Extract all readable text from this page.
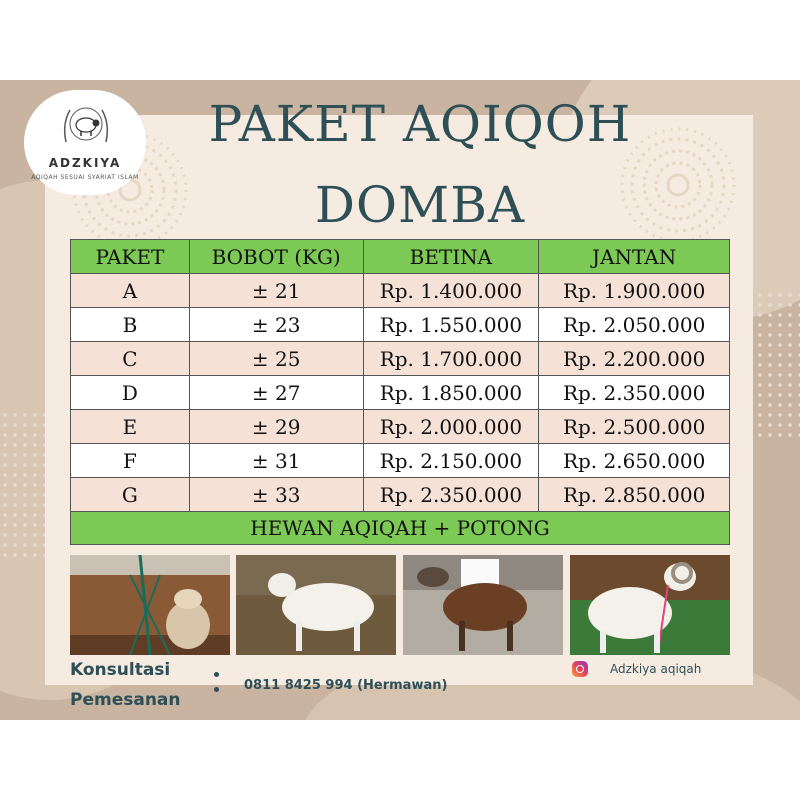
ADZKIYA
AQIQAH SESUAI SYARIAT ISLAM
PAKET AQIQOH
DOMBA
PAKET	BOBOT (KG)	BETINA	JANTAN
A	± 21	Rp. 1.400.000	Rp. 1.900.000
B	± 23	Rp. 1.550.000	Rp. 2.050.000
C	± 25	Rp. 1.700.000	Rp. 2.200.000
D	± 27	Rp. 1.850.000	Rp. 2.350.000
E	± 29	Rp. 2.000.000	Rp. 2.500.000
F	± 31	Rp. 2.150.000	Rp. 2.650.000
G	± 33	Rp. 2.350.000	Rp. 2.850.000
HEWAN AQIQAH + POTONG			
Konsultasi
Pemesanan
0811 8425 994 (Hermawan)
Adzkiya aqiqah
